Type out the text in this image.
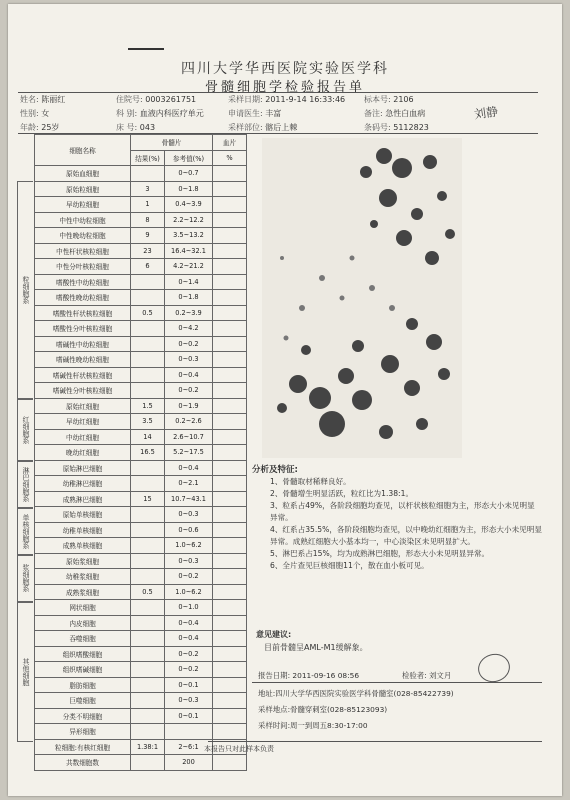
四川大学华西医院实验医学科
骨髓细胞学检验报告单
姓名: 陈丽红
性别: 女
年龄: 25岁
住院号: 0003261751
科 别: 血液内科医疗单元
床 号: 043
采样日期: 2011-9-14 16:33:46
申请医生: 丰富
采样部位: 髂后上棘
标本号: 2106
备注: 急性白血病
条码号: 5112823
刘静
细胞名称	骨髓片		血片
	结果(%)	参考值(%)	%
原始血细胞		0~0.7	
原始粒细胞	3	0~1.8	
早幼粒细胞	1	0.4~3.9	
中性中幼粒细胞	8	2.2~12.2	
中性晚幼粒细胞	9	3.5~13.2	
中性杆状核粒细胞	23	16.4~32.1	
中性分叶核粒细胞	6	4.2~21.2	
嗜酸性中幼粒细胞		0~1.4	
嗜酸性晚幼粒细胞		0~1.8	
嗜酸性杆状核粒细胞	0.5	0.2~3.9	
嗜酸性分叶核粒细胞		0~4.2	
嗜碱性中幼粒细胞		0~0.2	
嗜碱性晚幼粒细胞		0~0.3	
嗜碱性杆状核粒细胞		0~0.4	
嗜碱性分叶核粒细胞		0~0.2	
原始红细胞	1.5	0~1.9	
早幼红细胞	3.5	0.2~2.6	
中幼红细胞	14	2.6~10.7	
晚幼红细胞	16.5	5.2~17.5	
原始淋巴细胞		0~0.4	
幼稚淋巴细胞		0~2.1	
成熟淋巴细胞	15	10.7~43.1	
原始单核细胞		0~0.3	
幼稚单核细胞		0~0.6	
成熟单核细胞		1.0~6.2	
原始浆细胞		0~0.3	
幼稚浆细胞		0~0.2	
成熟浆细胞	0.5	1.0~6.2	
网状细胞		0~1.0	
内皮细胞		0~0.4	
吞噬细胞		0~0.4	
组织嗜酸细胞		0~0.2	
组织嗜碱细胞		0~0.2	
脂肪细胞		0~0.1	
巨噬细胞		0~0.3	
分类不明细胞		0~0.1	
异形细胞			
粒细胞:有核红细胞	1.38:1	2~6:1	
共数细胞数		200	
粒细胞系
红细胞系
淋巴细胞系
单核细胞系
浆细胞系
其他细胞

分析及特征:

1、骨髓取材稀释良好。

2、骨髓增生明显活跃，粒红比为1.38:1。

3、粒系占49%，各阶段细胞均查见，以杆状核粒细胞为主，形态大小未见明显异常。

4、红系占35.5%，各阶段细胞均查见，以中晚幼红细胞为主，形态大小未见明显异常。成熟红细胞大小基本均一，中心淡染区未见明显扩大。

5、淋巴系占15%，均为成熟淋巴细胞，形态大小未见明显异常。

6、全片查见巨核细胞11个，散在血小板可见。

意见建议:
目前骨髓呈AML-M1缓解象。
报告日期: 2011-09-16 08:56	检验者: 刘文月
地址:四川大学华西医院实验医学科骨髓室(028-85422739)
采样地点:骨髓穿刺室(028-85123093)
采样时间:周一到周五8:30-17:00
本报告只对此样本负责
